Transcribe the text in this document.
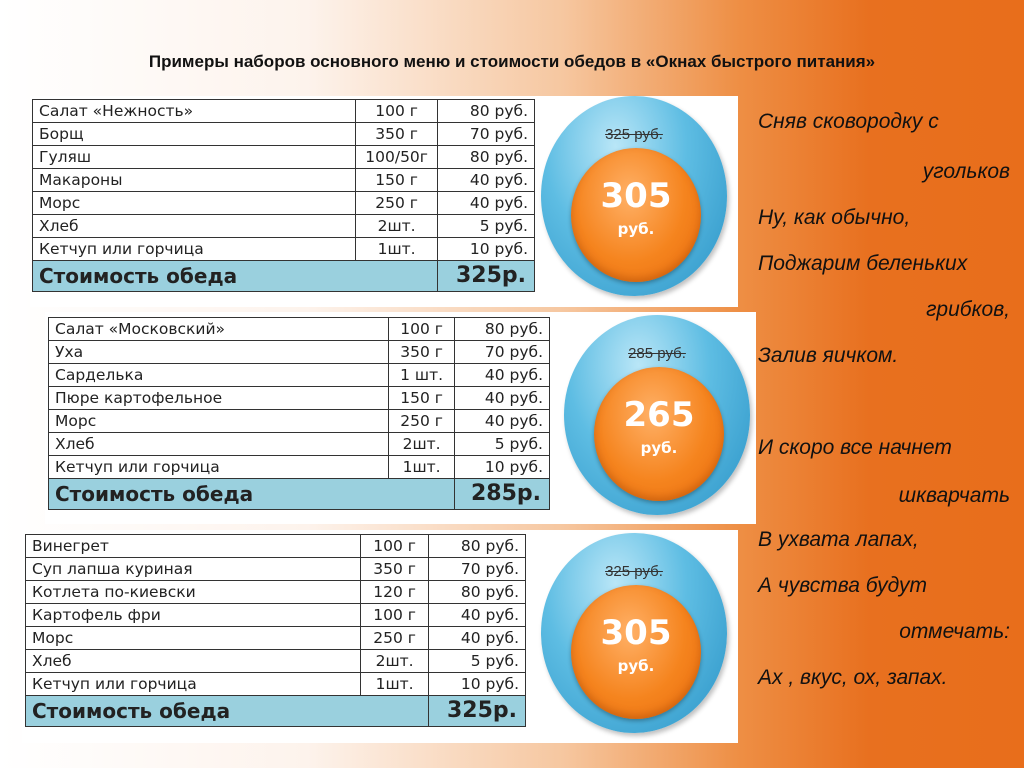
Примеры наборов основного меню и стоимости обедов в «Окнах быстрого питания»
Салат «Нежность»	100 г	80 руб.
Борщ	350 г	70 руб.
Гуляш	100/50г	80 руб.
Макароны	150 г	40 руб.
Морс	250 г	40 руб.
Хлеб	2шт.	5 руб.
Кетчуп или горчица	1шт.	10 руб.
Стоимость обеда		325р.
325 руб.
305
руб.
Салат «Московский»	100 г	80 руб.
Уха	350 г	70 руб.
Сарделька	1 шт.	40 руб.
Пюре картофельное	150 г	40 руб.
Морс	250 г	40 руб.
Хлеб	2шт.	5 руб.
Кетчуп или горчица	1шт.	10 руб.
Стоимость обеда		285р.
285 руб.
265
руб.
Винегрет	100 г	80 руб.
Суп лапша куриная	350 г	70 руб.
Котлета по-киевски	120 г	80 руб.
Картофель фри	100 г	40 руб.
Морс	250 г	40 руб.
Хлеб	2шт.	5 руб.
Кетчуп или горчица	1шт.	10 руб.
Стоимость обеда		325р.
325 руб.
305
руб.
Сняв сковородку с
угольков
Ну, как обычно,
Поджарим беленьких
грибков,
Залив яичком.
И скоро все начнет
шкварчать
В ухвата лапах,
А чувства будут
отмечать:
Ах , вкус, ох, запах.
